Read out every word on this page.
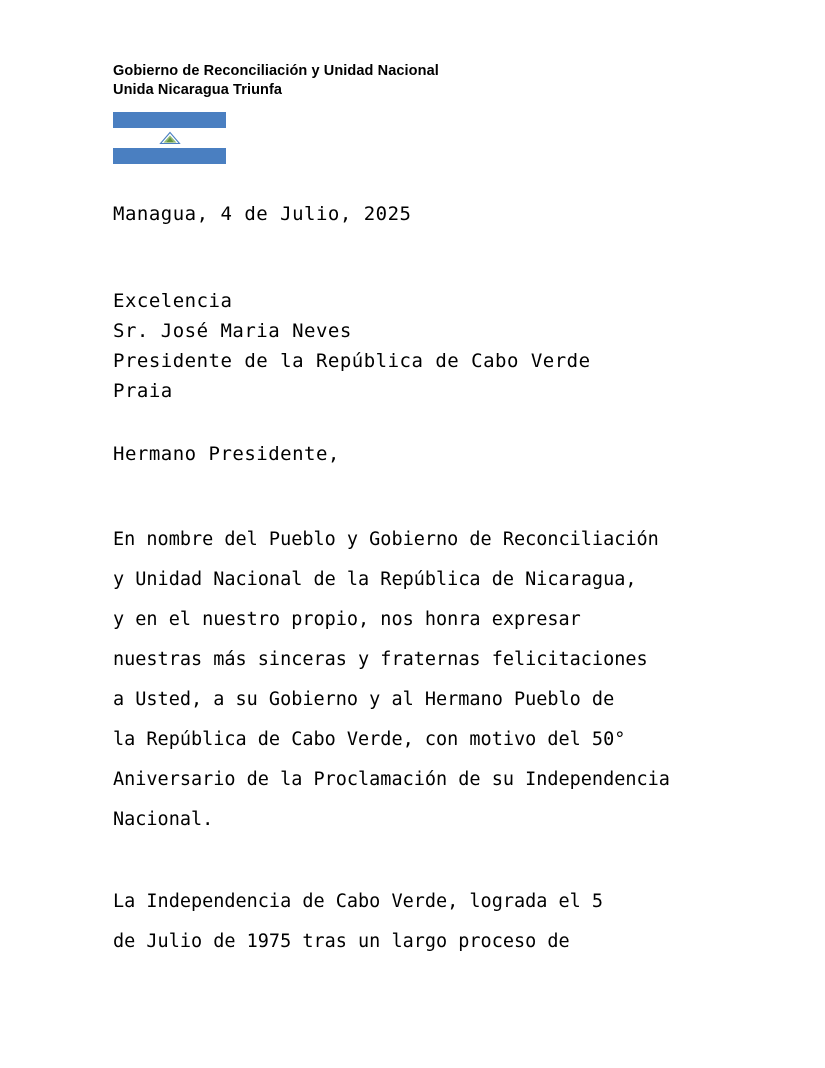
Gobierno de Reconciliación y Unidad Nacional
Unida Nicaragua Triunfa
Managua, 4 de Julio, 2025
Excelencia
Sr. José Maria Neves
Presidente de la República de Cabo Verde
Praia
Hermano Presidente,
En nombre del Pueblo y Gobierno de Reconciliación
y Unidad Nacional de la República de Nicaragua,
y en el nuestro propio, nos honra expresar
nuestras más sinceras y fraternas felicitaciones
a Usted, a su Gobierno y al Hermano Pueblo de
la República de Cabo Verde, con motivo del 50°
Aniversario de la Proclamación de su Independencia
Nacional.
La Independencia de Cabo Verde, lograda el 5
de Julio de 1975 tras un largo proceso de
